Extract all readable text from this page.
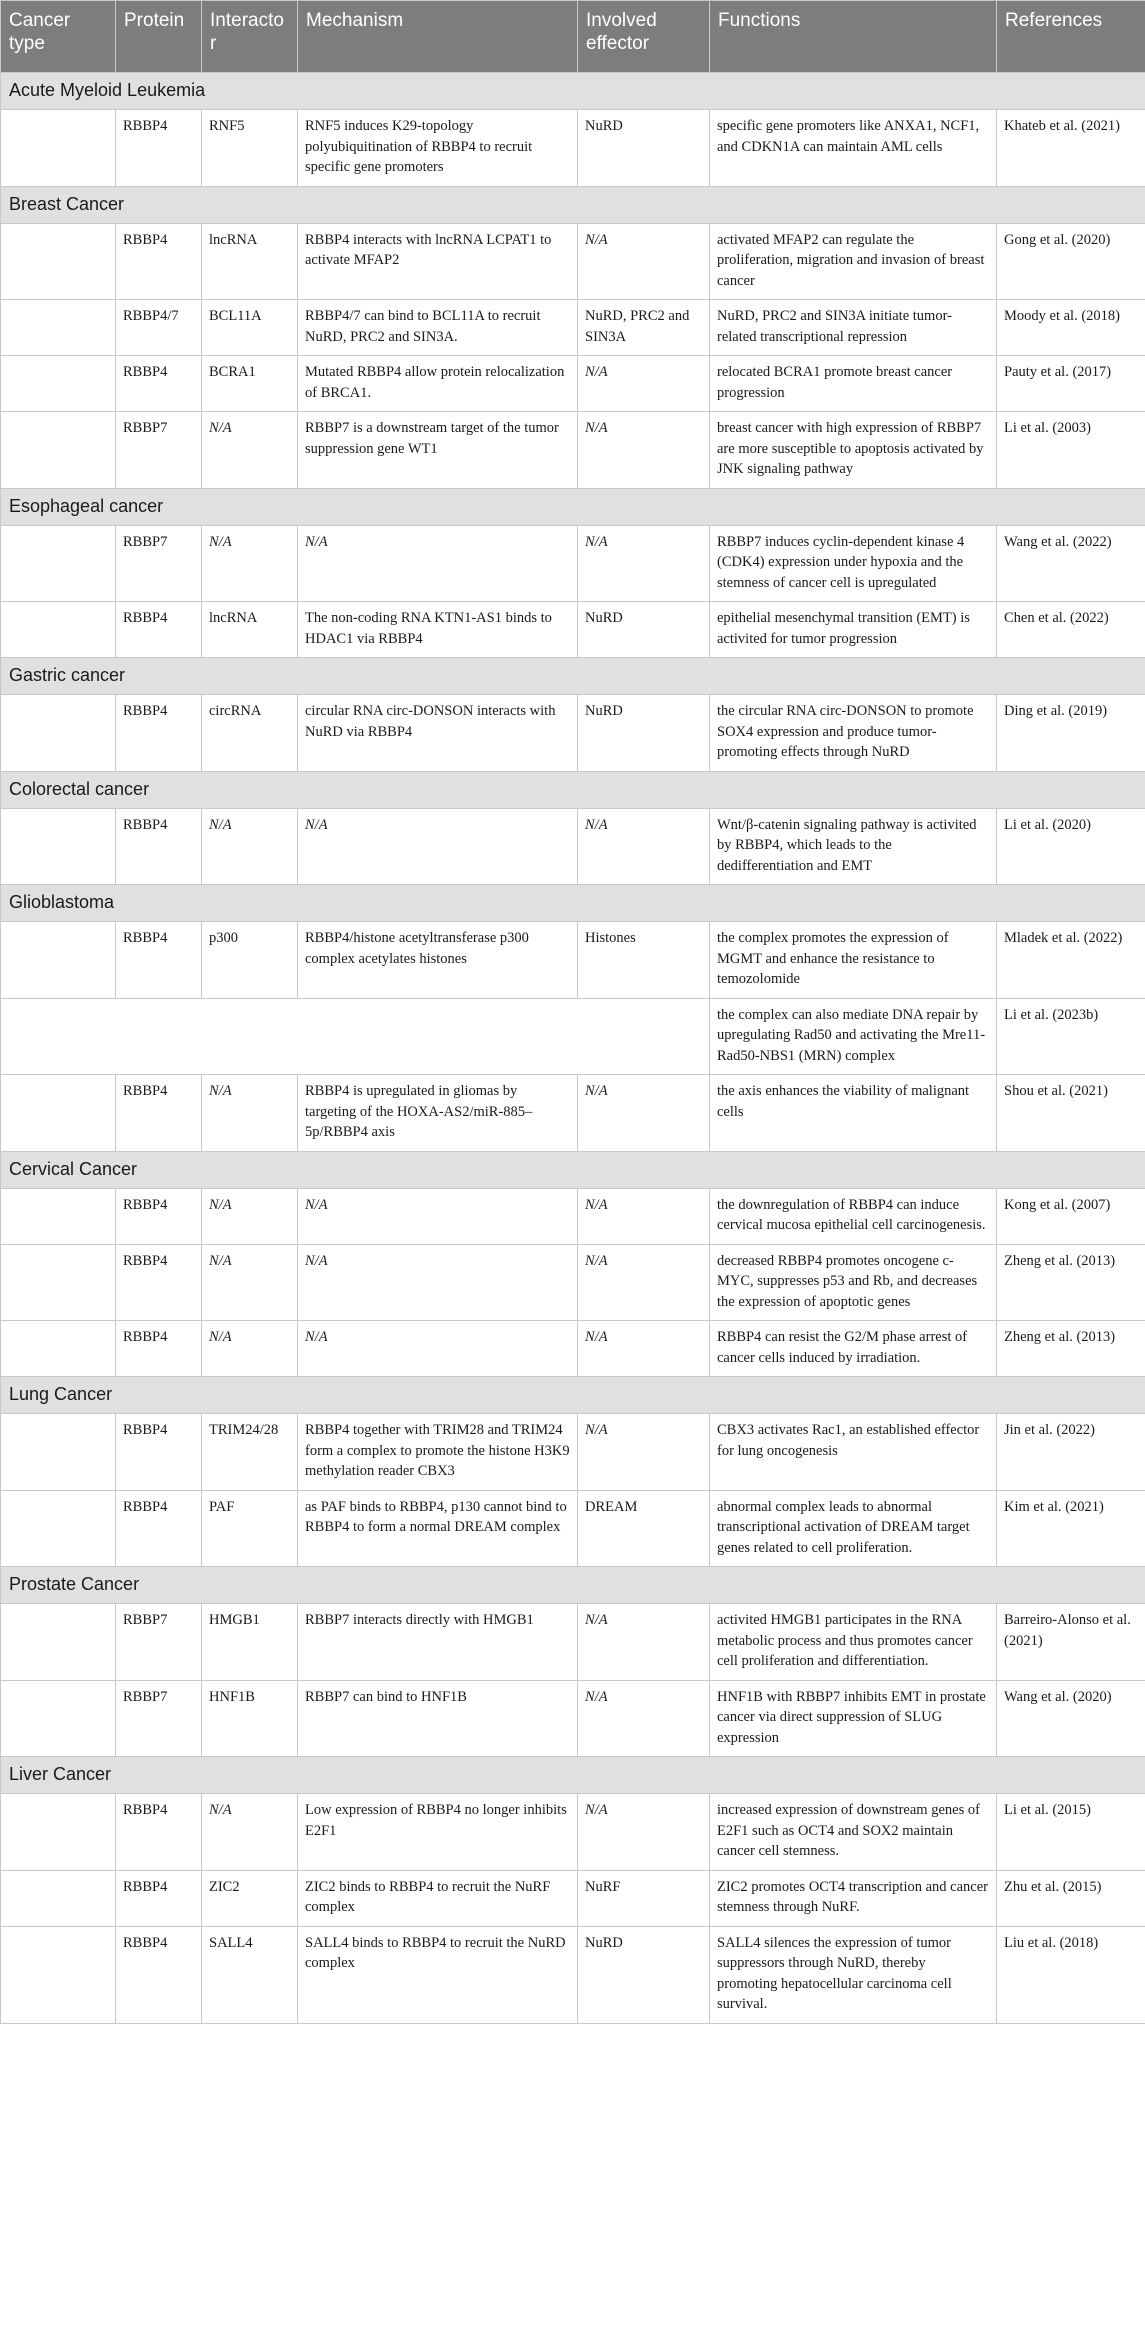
Cancer type	Protein	Interactor	Mechanism	Involved effector	Functions	References
Acute Myeloid Leukemia						
	RBBP4	RNF5	RNF5 induces K29-topology polyubiquitination of RBBP4 to recruit specific gene promoters	NuRD	specific gene promoters like ANXA1, NCF1, and CDKN1A can maintain AML cells	Khateb et al. (2021)
Breast Cancer						
	RBBP4	lncRNA	RBBP4 interacts with lncRNA LCPAT1 to activate MFAP2	N/A	activated MFAP2 can regulate the proliferation, migration and invasion of breast cancer	Gong et al. (2020)
	RBBP4/7	BCL11A	RBBP4/7 can bind to BCL11A to recruit NuRD, PRC2 and SIN3A.	NuRD, PRC2 and SIN3A	NuRD, PRC2 and SIN3A initiate tumor-related transcriptional repression	Moody et al. (2018)
	RBBP4	BCRA1	Mutated RBBP4 allow protein relocalization of BRCA1.	N/A	relocated BCRA1 promote breast cancer progression	Pauty et al. (2017)
	RBBP7	N/A	RBBP7 is a downstream target of the tumor suppression gene WT1	N/A	breast cancer with high expression of RBBP7 are more susceptible to apoptosis activated by JNK signaling pathway	Li et al. (2003)
Esophageal cancer						
	RBBP7	N/A	N/A	N/A	RBBP7 induces cyclin-dependent kinase 4 (CDK4) expression under hypoxia and the stemness of cancer cell is upregulated	Wang et al. (2022)
	RBBP4	lncRNA	The non-coding RNA KTN1-AS1 binds to HDAC1 via RBBP4	NuRD	epithelial mesenchymal transition (EMT) is activited for tumor progression	Chen et al. (2022)
Gastric cancer						
	RBBP4	circRNA	circular RNA circ-DONSON interacts with NuRD via RBBP4	NuRD	the circular RNA circ-DONSON to promote SOX4 expression and produce tumor-promoting effects through NuRD	Ding et al. (2019)
Colorectal cancer						
	RBBP4	N/A	N/A	N/A	Wnt/β-catenin signaling pathway is activited by RBBP4, which leads to the dedifferentiation and EMT	Li et al. (2020)
Glioblastoma						
	RBBP4	p300	RBBP4/histone acetyltransferase p300 complex acetylates histones	Histones	the complex promotes the expression of MGMT and enhance the resistance to temozolomide	Mladek et al. (2022)
					the complex can also mediate DNA repair by upregulating Rad50 and activating the Mre11-Rad50-NBS1 (MRN) complex	Li et al. (2023b)
	RBBP4	N/A	RBBP4 is upregulated in gliomas by targeting of the HOXA-AS2/miR-885–5p/RBBP4 axis	N/A	the axis enhances the viability of malignant cells	Shou et al. (2021)
Cervical Cancer						
	RBBP4	N/A	N/A	N/A	the downregulation of RBBP4 can induce cervical mucosa epithelial cell carcinogenesis.	Kong et al. (2007)
	RBBP4	N/A	N/A	N/A	decreased RBBP4 promotes oncogene c-MYC, suppresses p53 and Rb, and decreases the expression of apoptotic genes	Zheng et al. (2013)
	RBBP4	N/A	N/A	N/A	RBBP4 can resist the G2/M phase arrest of cancer cells induced by irradiation.	Zheng et al. (2013)
Lung Cancer						
	RBBP4	TRIM24/28	RBBP4 together with TRIM28 and TRIM24 form a complex to promote the histone H3K9 methylation reader CBX3	N/A	CBX3 activates Rac1, an established effector for lung oncogenesis	Jin et al. (2022)
	RBBP4	PAF	as PAF binds to RBBP4, p130 cannot bind to RBBP4 to form a normal DREAM complex	DREAM	abnormal complex leads to abnormal transcriptional activation of DREAM target genes related to cell proliferation.	Kim et al. (2021)
Prostate Cancer						
	RBBP7	HMGB1	RBBP7 interacts directly with HMGB1	N/A	activited HMGB1 participates in the RNA metabolic process and thus promotes cancer cell proliferation and differentiation.	Barreiro-Alonso et al. (2021)
	RBBP7	HNF1B	RBBP7 can bind to HNF1B	N/A	HNF1B with RBBP7 inhibits EMT in prostate cancer via direct suppression of SLUG expression	Wang et al. (2020)
Liver Cancer						
	RBBP4	N/A	Low expression of RBBP4 no longer inhibits E2F1	N/A	increased expression of downstream genes of E2F1 such as OCT4 and SOX2 maintain cancer cell stemness.	Li et al. (2015)
	RBBP4	ZIC2	ZIC2 binds to RBBP4 to recruit the NuRF complex	NuRF	ZIC2 promotes OCT4 transcription and cancer stemness through NuRF.	Zhu et al. (2015)
	RBBP4	SALL4	SALL4 binds to RBBP4 to recruit the NuRD complex	NuRD	SALL4 silences the expression of tumor suppressors through NuRD, thereby promoting hepatocellular carcinoma cell survival.	Liu et al. (2018)
